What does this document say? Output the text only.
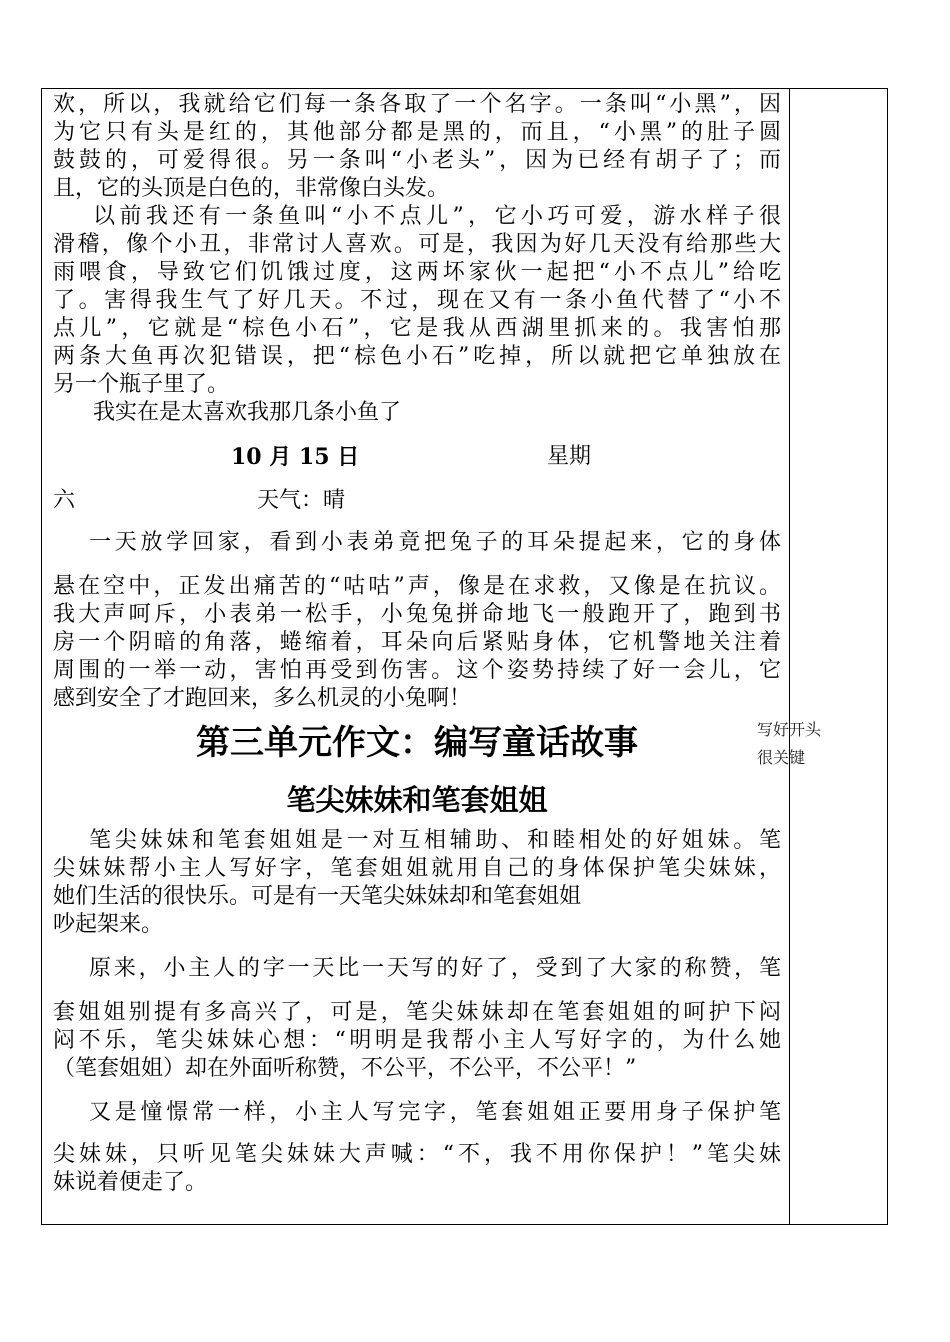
欢，所以，我就给它们每一条各取了一个名字。一条叫“小黑”，因
为它只有头是红的，其他部分都是黑的，而且，“小黑”的肚子圆
鼓鼓的，可爱得很。另一条叫“小老头”，因为已经有胡子了；而
且，它的头顶是白色的，非常像白头发。
以前我还有一条鱼叫“小不点儿”，它小巧可爱，游水样子很
滑稽，像个小丑，非常讨人喜欢。可是，我因为好几天没有给那些大
雨喂食，导致它们饥饿过度，这两坏家伙一起把“小不点儿”给吃
了。害得我生气了好几天。不过，现在又有一条小鱼代替了“小不
点儿”，它就是“棕色小石”，它是我从西湖里抓来的。我害怕那
两条大鱼再次犯错误，把“棕色小石”吃掉，所以就把它单独放在
另一个瓶子里了。
我实在是太喜欢我那几条小鱼了
10 月 15 日	星期
六	天气：晴
一天放学回家，看到小表弟竟把兔子的耳朵提起来，它的身体
悬在空中，正发出痛苦的“咕咕”声，像是在求救，又像是在抗议。
我大声呵斥，小表弟一松手，小兔兔拼命地飞一般跑开了，跑到书
房一个阴暗的角落，蜷缩着，耳朵向后紧贴身体，它机警地关注着
周围的一举一动，害怕再受到伤害。这个姿势持续了好一会儿，它
感到安全了才跑回来，多么机灵的小兔啊！
第三单元作文：编写童话故事
笔尖妹妹和笔套姐姐
笔尖妹妹和笔套姐姐是一对互相辅助、和睦相处的好姐妹。笔
尖妹妹帮小主人写好字，笔套姐姐就用自己的身体保护笔尖妹妹，
她们生活的很快乐。可是有一天笔尖妹妹却和笔套姐姐
吵起架来。
原来，小主人的字一天比一天写的好了，受到了大家的称赞，笔
套姐姐别提有多高兴了，可是，笔尖妹妹却在笔套姐姐的呵护下闷
闷不乐，笔尖妹妹心想：“明明是我帮小主人写好字的，为什么她
（笔套姐姐）却在外面听称赞，不公平，不公平，不公平！”
又是憧憬常一样，小主人写完字，笔套姐姐正要用身子保护笔
尖妹妹，只听见笔尖妹妹大声喊：“不，我不用你保护！”笔尖妹
妹说着便走了。
写好开头
很关键
